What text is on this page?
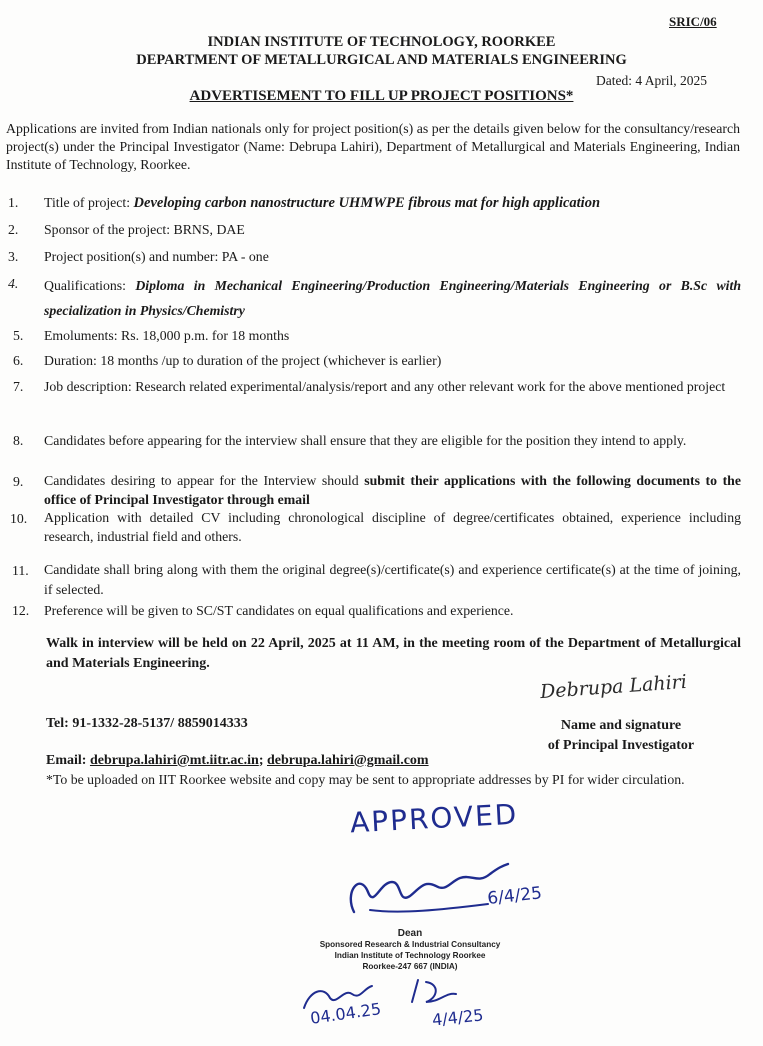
SRIC/06
INDIAN INSTITUTE OF TECHNOLOGY, ROORKEE
DEPARTMENT OF METALLURGICAL AND MATERIALS ENGINEERING
Dated: 4 April, 2025
ADVERTISEMENT TO FILL UP PROJECT POSITIONS*
Applications are invited from Indian nationals only for project position(s) as per the details given below for the consultancy/research project(s) under the Principal Investigator (Name: Debrupa Lahiri), Department of Metallurgical and Materials Engineering, Indian Institute of Technology, Roorkee.
1.	Title of project: Developing carbon nanostructure UHMWPE fibrous mat for high application
2.	Sponsor of the project: BRNS, DAE
3.	Project position(s) and number: PA - one
4.	Qualifications: Diploma in Mechanical Engineering/Production Engineering/Materials Engineering or B.Sc with specialization in Physics/Chemistry
5.	Emoluments: Rs. 18,000 p.m. for 18 months
6.	Duration: 18 months /up to duration of the project (whichever is earlier)
7.	Job description: Research related experimental/analysis/report and any other relevant work for the above mentioned project
8.	Candidates before appearing for the interview shall ensure that they are eligible for the position they intend to apply.
9.	Candidates desiring to appear for the Interview should submit their applications with the following documents to the office of Principal Investigator through email
10.	Application with detailed CV including chronological discipline of degree/certificates obtained, experience including research, industrial field and others.
11.	Candidate shall bring along with them the original degree(s)/certificate(s) and experience certificate(s) at the time of joining, if selected.
12.	Preference will be given to SC/ST candidates on equal qualifications and experience.
Walk in interview will be held on 22 April, 2025 at 11 AM, in the meeting room of the Department of Metallurgical and Materials Engineering.
Debrupa Lahiri
Tel: 91-1332-28-5137/ 8859014333	Name and signature
of Principal Investigator
Email: debrupa.lahiri@mt.iitr.ac.in; debrupa.lahiri@gmail.com
*To be uploaded on IIT Roorkee website and copy may be sent to appropriate addresses by PI for wider circulation.
APPROVED
6/4/25
Dean
Sponsored Research & Industrial Consultancy
Indian Institute of Technology Roorkee
Roorkee-247 667 (INDIA)
04.04.25	4/4/25
